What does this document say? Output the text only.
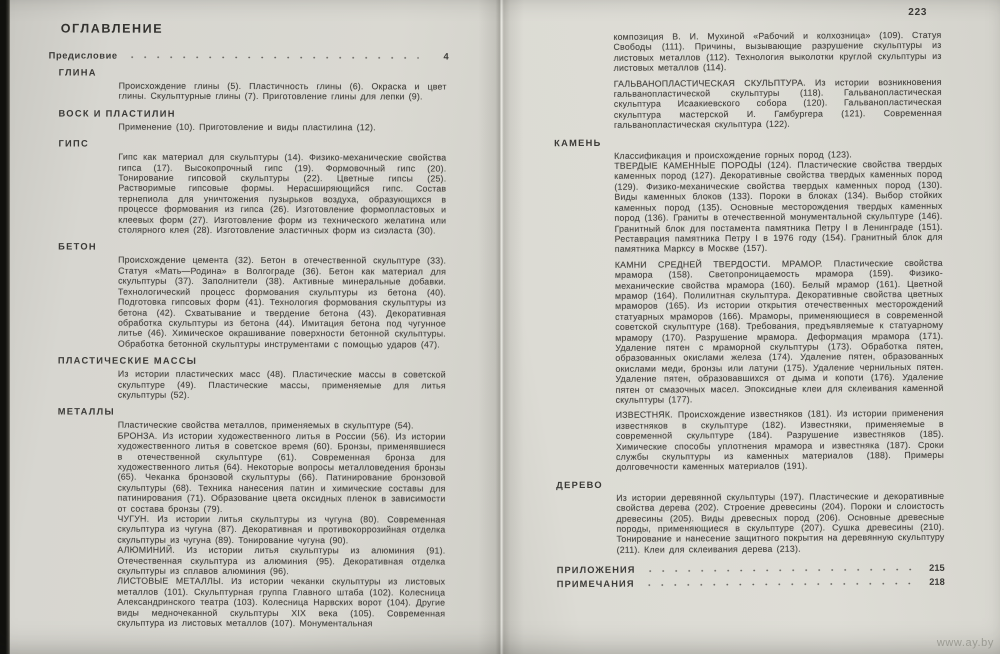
ОГЛАВЛЕНИЕ
Предисловие	4
ГЛИНА

Происхождение глины (5). Пластичность глины (6). Окраска и цвет глины. Скульптурные глины (7). Приготовление глины для лепки (9).

ВОСК И ПЛАСТИЛИН

Применение (10). Приготовление и виды пластилина (12).

ГИПС

Гипс как материал для скульптуры (14). Физико-механические свойства гипса (17). Высокопрочный гипс (19). Формовочный гипс (20). Тонирование гипсовой скульптуры (22). Цветные гипсы (25). Растворимые гипсовые формы. Нерасширяющийся гипс. Состав тернепиола для уничтожения пузырьков воздуха, образующихся в процессе формования из гипса (26). Изготовление формопластовых и клеевых форм (27). Изготовление форм из технического желатина или столярного клея (28). Изготовление эластичных форм из сиэласта (30).

БЕТОН

Происхождение цемента (32). Бетон в отечественной скульптуре (33). Статуя «Мать—Родина» в Волгограде (36). Бетон как материал для скульптуры (37). Заполнители (38). Активные минеральные добавки. Технологический процесс формования скульптуры из бетона (40). Подготовка гипсовых форм (41). Технология формования скульптуры из бетона (42). Схватывание и твердение бетона (43). Декоративная обработка скульптуры из бетона (44). Имитация бетона под чугунное литье (46). Химическое окрашивание поверхности бетонной скульптуры. Обработка бетонной скульптуры инструментами с помощью ударов (47).

ПЛАСТИЧЕСКИЕ МАССЫ

Из истории пластических масс (48). Пластические массы в советской скульптуре (49). Пластические массы, применяемые для литья скульптуры (52).

МЕТАЛЛЫ

Пластические свойства металлов, применяемых в скульптуре (54).

БРОНЗА. Из истории художественного литья в России (56). Из истории художественного литья в советское время (60). Бронзы, применявшиеся в отечественной скульптуре (61). Современная бронза для художественного литья (64). Некоторые вопросы металловедения бронзы (65). Чеканка бронзовой скульптуры (66). Патинирование бронзовой скульптуры (68). Техника нанесения патин и химические составы для патинирования (71). Образование цвета оксидных пленок в зависимости от состава бронзы (79).

ЧУГУН. Из истории литья скульптуры из чугуна (80). Современная скульптура из чугуна (87). Декоративная и противокоррозийная отделка скульптуры из чугуна (89). Тонирование чугуна (90).

АЛЮМИНИЙ. Из истории литья скульптуры из алюминия (91). Отечественная скульптура из алюминия (95). Декоративная отделка скульптуры из сплавов алюминия (96).

ЛИСТОВЫЕ МЕТАЛЛЫ. Из истории чеканки скульптуры из листовых металлов (101). Скульптурная группа Главного штаба (102). Колесница Александринского театра (103). Колесница Нарвских ворот (104). Другие виды медночеканной скульптуры XIX века (105). Современная скульптура из листовых металлов (107). Монументальная

223

композиция В. И. Мухиной «Рабочий и колхозница» (109). Статуя Свободы (111). Причины, вызывающие разрушение скульптуры из листовых металлов (112). Технология выколотки круглой скульптуры из листовых металлов (114).

ГАЛЬВАНОПЛАСТИЧЕСКАЯ СКУЛЬПТУРА. Из истории возникновения гальванопластической скульптуры (118). Гальванопластическая скульптура Исаакиевского собора (120). Гальванопластическая скульптура мастерской И. Гамбургера (121). Современная гальванопластическая скульптура (122).

КАМЕНЬ

Классификация и происхождение горных пород (123).

ТВЕРДЫЕ КАМЕННЫЕ ПОРОДЫ (124). Пластические свойства твердых каменных пород (127). Декоративные свойства твердых каменных пород (129). Физико-механические свойства твердых каменных пород (130). Виды каменных блоков (133). Пороки в блоках (134). Выбор стойких каменных пород (135). Основные месторождения твердых каменных пород (136). Граниты в отечественной монументальной скульптуре (146). Гранитный блок для постамента памятника Петру I в Ленинграде (151). Реставрация памятника Петру I в 1976 году (154). Гранитный блок для памятника Марксу в Москве (157).

КАМНИ СРЕДНЕЙ ТВЕРДОСТИ. МРАМОР. Пластические свойства мрамора (158). Светопроницаемость мрамора (159). Физико-механические свойства мрамора (160). Белый мрамор (161). Цветной мрамор (164). Полилитная скульптура. Декоративные свойства цветных мраморов (165). Из истории открытия отечественных месторождений статуарных мраморов (166). Мраморы, применяющиеся в современной советской скульптуре (168). Требования, предъявляемые к статуарному мрамору (170). Разрушение мрамора. Деформация мрамора (171). Удаление пятен с мраморной скульптуры (173). Обработка пятен, образованных окислами железа (174). Удаление пятен, образованных окислами меди, бронзы или латуни (175). Удаление чернильных пятен. Удаление пятен, образовавшихся от дыма и копоти (176). Удаление пятен от смазочных масел. Эпоксидные клеи для склеивания каменной скульптуры (177).

ИЗВЕСТНЯК. Происхождение известняков (181). Из истории применения известняков в скульптуре (182). Известняки, применяемые в современной скульптуре (184). Разрушение известняков (185). Химические способы уплотнения мрамора и известняка (187). Сроки службы скульптуры из каменных материалов (188). Примеры долговечности каменных материалов (191).

ДЕРЕВО

Из истории деревянной скульптуры (197). Пластические и декоративные свойства дерева (202). Строение древесины (204). Пороки и слоистость древесины (205). Виды древесных пород (206). Основные древесные породы, применяющиеся в скульптуре (207). Сушка древесины (210). Тонирование и нанесение защитного покрытия на деревянную скульптуру (211). Клеи для склеивания дерева (213).

ПРИЛОЖЕНИЯ	215
ПРИМЕЧАНИЯ	218
www.ay.by
